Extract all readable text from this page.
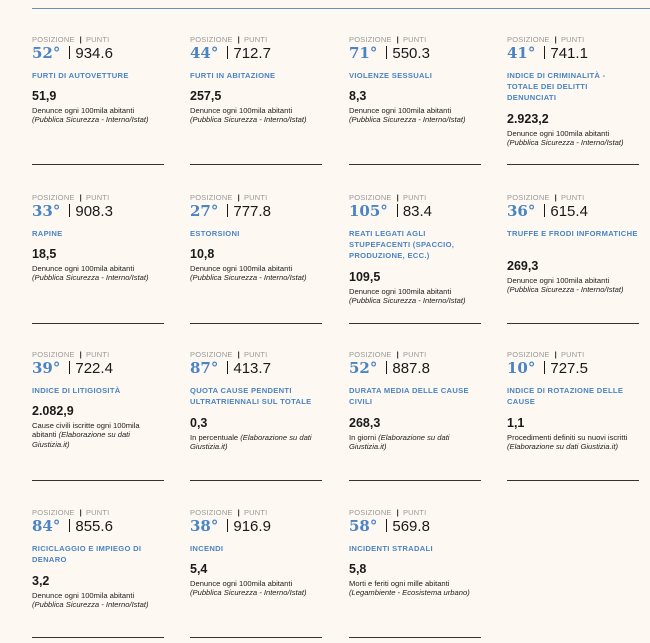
POSIZIONE | PUNTI
52° 934.6
FURTI DI AUTOVETTURE
51,9
Denunce ogni 100mila abitanti
(Pubblica Sicurezza - Interno/Istat)
POSIZIONE | PUNTI
44° 712.7
FURTI IN ABITAZIONE
257,5
Denunce ogni 100mila abitanti
(Pubblica Sicurezza - Interno/Istat)
POSIZIONE | PUNTI
71° 550.3
VIOLENZE SESSUALI
8,3
Denunce ogni 100mila abitanti
(Pubblica Sicurezza - Interno/Istat)
POSIZIONE | PUNTI
41° 741.1
INDICE DI CRIMINALITÀ - TOTALE DEI DELITTI DENUNCIATI
2.923,2
Denunce ogni 100mila abitanti
(Pubblica Sicurezza - Interno/Istat)
POSIZIONE | PUNTI
33° 908.3
RAPINE
18,5
Denunce ogni 100mila abitanti
(Pubblica Sicurezza - Interno/Istat)
POSIZIONE | PUNTI
27° 777.8
ESTORSIONI
10,8
Denunce ogni 100mila abitanti
(Pubblica Sicurezza - Interno/Istat)
POSIZIONE | PUNTI
105° 83.4
REATI LEGATI AGLI STUPEFACENTI (SPACCIO, PRODUZIONE, ECC.)
109,5
Denunce ogni 100mila abitanti
(Pubblica Sicurezza - Interno/Istat)
POSIZIONE | PUNTI
36° 615.4
TRUFFE E FRODI INFORMATICHE
269,3
Denunce ogni 100mila abitanti
(Pubblica Sicurezza - Interno/Istat)
POSIZIONE | PUNTI
39° 722.4
INDICE DI LITIGIOSITÀ
2.082,9
Cause civili iscritte ogni 100mila abitanti (Elaborazione su dati Giustizia.it)
POSIZIONE | PUNTI
87° 413.7
QUOTA CAUSE PENDENTI ULTRATRIENNALI SUL TOTALE
0,3
In percentuale (Elaborazione su dati Giustizia.it)
POSIZIONE | PUNTI
52° 887.8
DURATA MEDIA DELLE CAUSE CIVILI
268,3
In giorni (Elaborazione su dati Giustizia.it)
POSIZIONE | PUNTI
10° 727.5
INDICE DI ROTAZIONE DELLE CAUSE
1,1
Procedimenti definiti su nuovi iscritti (Elaborazione su dati Giustizia.it)
POSIZIONE | PUNTI
84° 855.6
RICICLAGGIO E IMPIEGO DI DENARO
3,2
Denunce ogni 100mila abitanti
(Pubblica Sicurezza - Interno/Istat)
POSIZIONE | PUNTI
38° 916.9
INCENDI
5,4
Denunce ogni 100mila abitanti
(Pubblica Sicurezza - Interno/Istat)
POSIZIONE | PUNTI
58° 569.8
INCIDENTI STRADALI
5,8
Morti e feriti ogni mille abitanti
(Legambiente - Ecosistema urbano)
